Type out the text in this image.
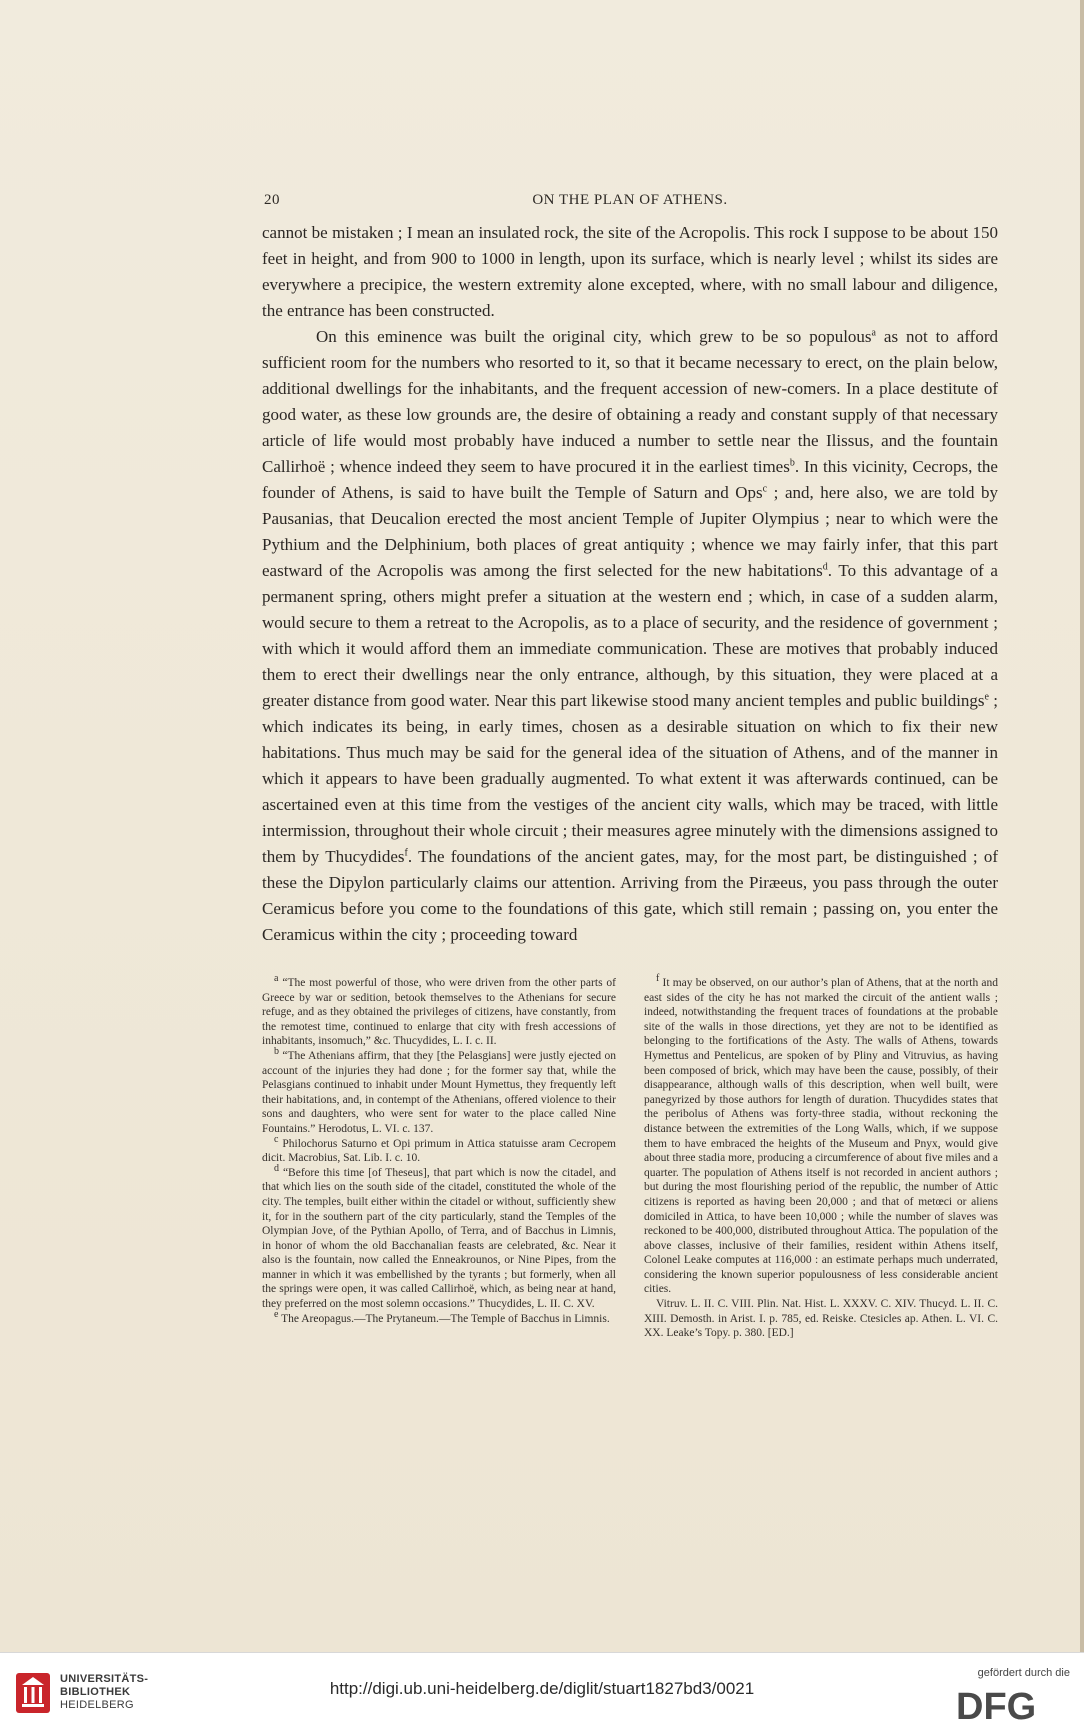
20	ON THE PLAN OF ATHENS.

cannot be mistaken ; I mean an insulated rock, the site of the Acropolis. This rock I suppose to be about 150 feet in height, and from 900 to 1000 in length, upon its surface, which is nearly level ; whilst its sides are everywhere a precipice, the western extremity alone excepted, where, with no small labour and diligence, the entrance has been constructed.

On this eminence was built the original city, which grew to be so populous$^a$ as not to afford sufficient room for the numbers who resorted to it, so that it became necessary to erect, on the plain below, additional dwellings for the inhabitants, and the frequent accession of new-comers. In a place destitute of good water, as these low grounds are, the desire of obtaining a ready and constant supply of that necessary article of life would most probably have induced a number to settle near the Ilissus, and the fountain Callirhoë ; whence indeed they seem to have procured it in the earliest times$^b$. In this vicinity, Cecrops, the founder of Athens, is said to have built the Temple of Saturn and Ops$^c$ ; and, here also, we are told by Pausanias, that Deucalion erected the most ancient Temple of Jupiter Olympius ; near to which were the Pythium and the Delphinium, both places of great antiquity ; whence we may fairly infer, that this part eastward of the Acropolis was among the first selected for the new habitations$^d$. To this advantage of a permanent spring, others might prefer a situation at the western end ; which, in case of a sudden alarm, would secure to them a retreat to the Acropolis, as to a place of security, and the residence of government ; with which it would afford them an immediate communication. These are motives that probably induced them to erect their dwellings near the only entrance, although, by this situation, they were placed at a greater distance from good water. Near this part likewise stood many ancient temples and public buildings$^e$ ; which indicates its being, in early times, chosen as a desirable situation on which to fix their new habitations. Thus much may be said for the general idea of the situation of Athens, and of the manner in which it appears to have been gradually augmented. To what extent it was afterwards continued, can be ascertained even at this time from the vestiges of the ancient city walls, which may be traced, with little intermission, throughout their whole circuit ; their measures agree minutely with the dimensions assigned to them by Thucydides$^f$. The foundations of the ancient gates, may, for the most part, be distinguished ; of these the Dipylon particularly claims our attention. Arriving from the Piræeus, you pass through the outer Ceramicus before you come to the foundations of this gate, which still remain ; passing on, you enter the Ceramicus within the city ; proceeding toward

$^a$ “The most powerful of those, who were driven from the other parts of Greece by war or sedition, betook themselves to the Athenians for secure refuge, and as they obtained the privileges of citizens, have constantly, from the remotest time, continued to enlarge that city with fresh accessions of inhabitants, insomuch,” &c. Thucydides, L. I. c. II.

$^b$ “The Athenians affirm, that they [the Pelasgians] were justly ejected on account of the injuries they had done ; for the former say that, while the Pelasgians continued to inhabit under Mount Hymettus, they frequently left their habitations, and, in contempt of the Athenians, offered violence to their sons and daughters, who were sent for water to the place called Nine Fountains.” Herodotus, L. VI. c. 137.

$^c$ Philochorus Saturno et Opi primum in Attica statuisse aram Cecropem dicit. Macrobius, Sat. Lib. I. c. 10.

$^d$ “Before this time [of Theseus], that part which is now the citadel, and that which lies on the south side of the citadel, constituted the whole of the city. The temples, built either within the citadel or without, sufficiently shew it, for in the southern part of the city particularly, stand the Temples of the Olympian Jove, of the Pythian Apollo, of Terra, and of Bacchus in Limnis, in honor of whom the old Bacchanalian feasts are celebrated, &c. Near it also is the fountain, now called the Enneakrounos, or Nine Pipes, from the manner in which it was embellished by the tyrants ; but formerly, when all the springs were open, it was called Callirhoë, which, as being near at hand, they preferred on the most solemn occasions.” Thucydides, L. II. C. XV.

$^e$ The Areopagus.—The Prytaneum.—The Temple of Bacchus in Limnis.

$^f$ It may be observed, on our author’s plan of Athens, that at the north and east sides of the city he has not marked the circuit of the antient walls ; indeed, notwithstanding the frequent traces of foundations at the probable site of the walls in those directions, yet they are not to be identified as belonging to the fortifications of the Asty. The walls of Athens, towards Hymettus and Pentelicus, are spoken of by Pliny and Vitruvius, as having been composed of brick, which may have been the cause, possibly, of their disappearance, although walls of this description, when well built, were panegyrized by those authors for length of duration. Thucydides states that the peribolus of Athens was forty-three stadia, without reckoning the distance between the extremities of the Long Walls, which, if we suppose them to have embraced the heights of the Museum and Pnyx, would give about three stadia more, producing a circumference of about five miles and a quarter. The population of Athens itself is not recorded in ancient authors ; but during the most flourishing period of the republic, the number of Attic citizens is reported as having been 20,000 ; and that of metœci or aliens domiciled in Attica, to have been 10,000 ; while the number of slaves was reckoned to be 400,000, distributed throughout Attica. The population of the above classes, inclusive of their families, resident within Athens itself, Colonel Leake computes at 116,000 : an estimate perhaps much underrated, considering the known superior populousness of less considerable ancient cities.

Vitruv. L. II. C. VIII. Plin. Nat. Hist. L. XXXV. C. XIV. Thucyd. L. II. C. XIII. Demosth. in Arist. I. p. 785, ed. Reiske. Ctesicles ap. Athen. L. VI. C. XX. Leake’s Topy. p. 380. [ED.]

UNIVERSITÄTS-
BIBLIOTHEK
HEIDELBERG
http://digi.ub.uni-heidelberg.de/diglit/stuart1827bd3/0021
gefördert durch die
DFG
